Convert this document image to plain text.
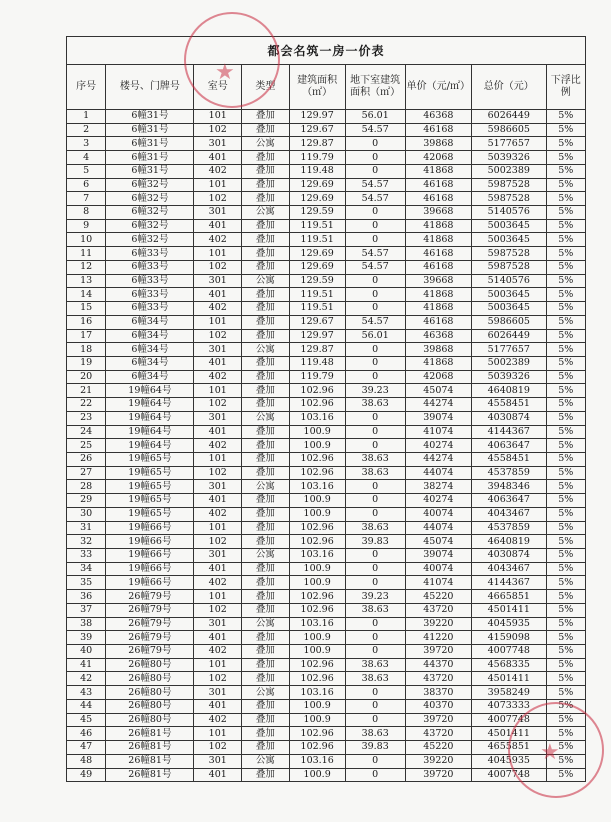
都会名筑一房一价表
序号	楼号、门牌号	室号	类型	建筑面积（㎡）	地下室建筑面积（㎡）	单价（元/㎡）	总价（元）	下浮比例
1	6幢31号	101	叠加	129.97	56.01	46368	6026449	5%
2	6幢31号	102	叠加	129.67	54.57	46168	5986605	5%
3	6幢31号	301	公寓	129.87	0	39868	5177657	5%
4	6幢31号	401	叠加	119.79	0	42068	5039326	5%
5	6幢31号	402	叠加	119.48	0	41868	5002389	5%
6	6幢32号	101	叠加	129.69	54.57	46168	5987528	5%
7	6幢32号	102	叠加	129.69	54.57	46168	5987528	5%
8	6幢32号	301	公寓	129.59	0	39668	5140576	5%
9	6幢32号	401	叠加	119.51	0	41868	5003645	5%
10	6幢32号	402	叠加	119.51	0	41868	5003645	5%
11	6幢33号	101	叠加	129.69	54.57	46168	5987528	5%
12	6幢33号	102	叠加	129.69	54.57	46168	5987528	5%
13	6幢33号	301	公寓	129.59	0	39668	5140576	5%
14	6幢33号	401	叠加	119.51	0	41868	5003645	5%
15	6幢33号	402	叠加	119.51	0	41868	5003645	5%
16	6幢34号	101	叠加	129.67	54.57	46168	5986605	5%
17	6幢34号	102	叠加	129.97	56.01	46368	6026449	5%
18	6幢34号	301	公寓	129.87	0	39868	5177657	5%
19	6幢34号	401	叠加	119.48	0	41868	5002389	5%
20	6幢34号	402	叠加	119.79	0	42068	5039326	5%
21	19幢64号	101	叠加	102.96	39.23	45074	4640819	5%
22	19幢64号	102	叠加	102.96	38.63	44274	4558451	5%
23	19幢64号	301	公寓	103.16	0	39074	4030874	5%
24	19幢64号	401	叠加	100.9	0	41074	4144367	5%
25	19幢64号	402	叠加	100.9	0	40274	4063647	5%
26	19幢65号	101	叠加	102.96	38.63	44274	4558451	5%
27	19幢65号	102	叠加	102.96	38.63	44074	4537859	5%
28	19幢65号	301	公寓	103.16	0	38274	3948346	5%
29	19幢65号	401	叠加	100.9	0	40274	4063647	5%
30	19幢65号	402	叠加	100.9	0	40074	4043467	5%
31	19幢66号	101	叠加	102.96	38.63	44074	4537859	5%
32	19幢66号	102	叠加	102.96	39.83	45074	4640819	5%
33	19幢66号	301	公寓	103.16	0	39074	4030874	5%
34	19幢66号	401	叠加	100.9	0	40074	4043467	5%
35	19幢66号	402	叠加	100.9	0	41074	4144367	5%
36	26幢79号	101	叠加	102.96	39.23	45220	4665851	5%
37	26幢79号	102	叠加	102.96	38.63	43720	4501411	5%
38	26幢79号	301	公寓	103.16	0	39220	4045935	5%
39	26幢79号	401	叠加	100.9	0	41220	4159098	5%
40	26幢79号	402	叠加	100.9	0	39720	4007748	5%
41	26幢80号	101	叠加	102.96	38.63	44370	4568335	5%
42	26幢80号	102	叠加	102.96	38.63	43720	4501411	5%
43	26幢80号	301	公寓	103.16	0	38370	3958249	5%
44	26幢80号	401	叠加	100.9	0	40370	4073333	5%
45	26幢80号	402	叠加	100.9	0	39720	4007748	5%
46	26幢81号	101	叠加	102.96	38.63	43720	4501411	5%
47	26幢81号	102	叠加	102.96	39.83	45220	4655851	5%
48	26幢81号	301	公寓	103.16	0	39220	4045935	5%
49	26幢81号	401	叠加	100.9	0	39720	4007748	5%
★
★
